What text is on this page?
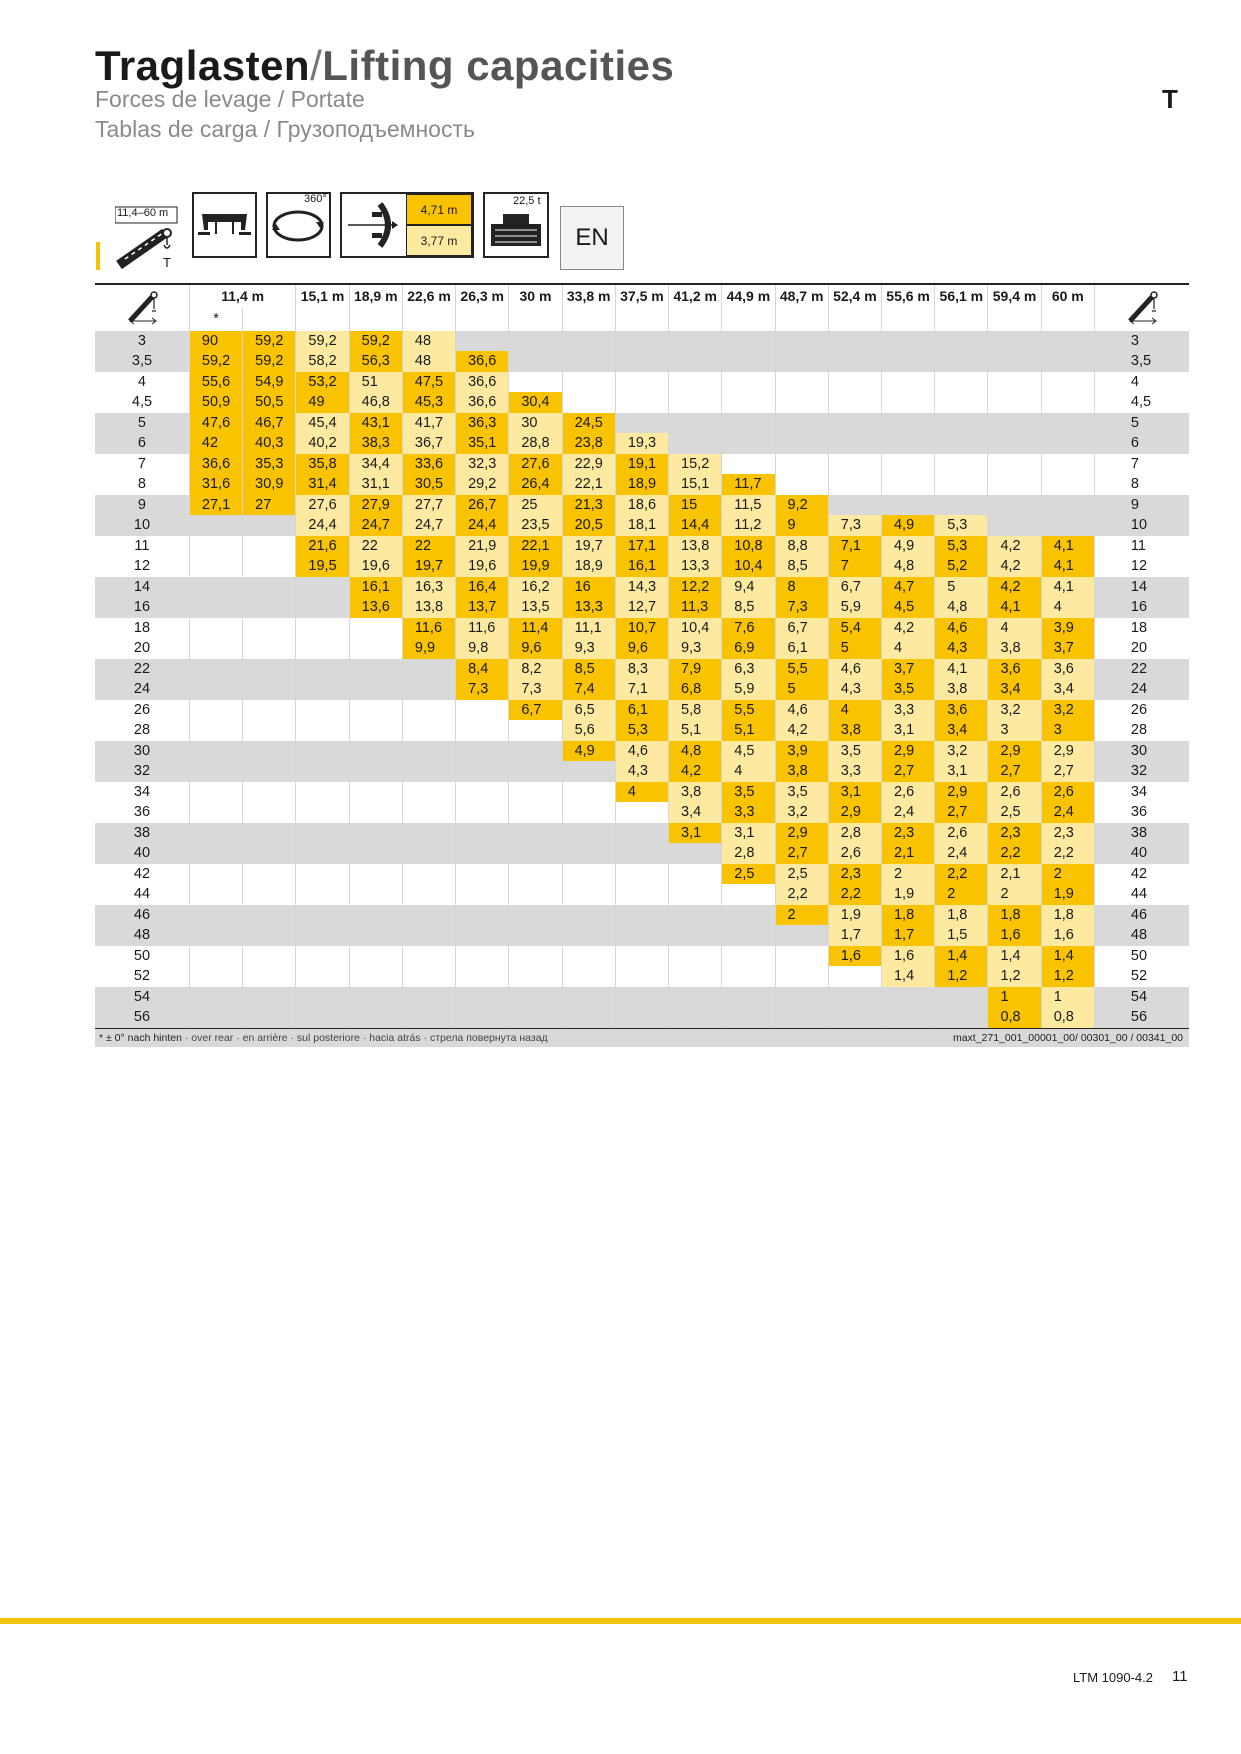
Traglasten/Lifting capacities
Forces de levage / Portate
Tablas de carga / Грузоподъемность
T
11,4–60 m
T
360°
4,71 m
3,77 m
22,5 t
EN
	11,4 m		15,1 m	18,9 m	22,6 m	26,3 m	30 m	33,8 m	37,5 m	41,2 m	44,9 m	48,7 m	52,4 m	55,6 m	56,1 m	59,4 m	60 m	
	*																	
3	90	59,2	59,2	59,2	48													3
3,5	59,2	59,2	58,2	56,3	48	36,6												3,5
4	55,6	54,9	53,2	51	47,5	36,6												4
4,5	50,9	50,5	49	46,8	45,3	36,6	30,4											4,5
5	47,6	46,7	45,4	43,1	41,7	36,3	30	24,5										5
6	42	40,3	40,2	38,3	36,7	35,1	28,8	23,8	19,3									6
7	36,6	35,3	35,8	34,4	33,6	32,3	27,6	22,9	19,1	15,2								7
8	31,6	30,9	31,4	31,1	30,5	29,2	26,4	22,1	18,9	15,1	11,7							8
9	27,1	27	27,6	27,9	27,7	26,7	25	21,3	18,6	15	11,5	9,2						9
10			24,4	24,7	24,7	24,4	23,5	20,5	18,1	14,4	11,2	9	7,3	4,9	5,3			10
11			21,6	22	22	21,9	22,1	19,7	17,1	13,8	10,8	8,8	7,1	4,9	5,3	4,2	4,1	11
12			19,5	19,6	19,7	19,6	19,9	18,9	16,1	13,3	10,4	8,5	7	4,8	5,2	4,2	4,1	12
14				16,1	16,3	16,4	16,2	16	14,3	12,2	9,4	8	6,7	4,7	5	4,2	4,1	14
16				13,6	13,8	13,7	13,5	13,3	12,7	11,3	8,5	7,3	5,9	4,5	4,8	4,1	4	16
18					11,6	11,6	11,4	11,1	10,7	10,4	7,6	6,7	5,4	4,2	4,6	4	3,9	18
20					9,9	9,8	9,6	9,3	9,6	9,3	6,9	6,1	5	4	4,3	3,8	3,7	20
22						8,4	8,2	8,5	8,3	7,9	6,3	5,5	4,6	3,7	4,1	3,6	3,6	22
24						7,3	7,3	7,4	7,1	6,8	5,9	5	4,3	3,5	3,8	3,4	3,4	24
26							6,7	6,5	6,1	5,8	5,5	4,6	4	3,3	3,6	3,2	3,2	26
28								5,6	5,3	5,1	5,1	4,2	3,8	3,1	3,4	3	3	28
30								4,9	4,6	4,8	4,5	3,9	3,5	2,9	3,2	2,9	2,9	30
32									4,3	4,2	4	3,8	3,3	2,7	3,1	2,7	2,7	32
34									4	3,8	3,5	3,5	3,1	2,6	2,9	2,6	2,6	34
36										3,4	3,3	3,2	2,9	2,4	2,7	2,5	2,4	36
38										3,1	3,1	2,9	2,8	2,3	2,6	2,3	2,3	38
40											2,8	2,7	2,6	2,1	2,4	2,2	2,2	40
42											2,5	2,5	2,3	2	2,2	2,1	2	42
44												2,2	2,2	1,9	2	2	1,9	44
46												2	1,9	1,8	1,8	1,8	1,8	46
48													1,7	1,7	1,5	1,6	1,6	48
50													1,6	1,6	1,4	1,4	1,4	50
52														1,4	1,2	1,2	1,2	52
54																1	1	54
56																0,8	0,8	56
* ± 0° nach hinten · over rear · en arrière · sul posteriore · hacia atrás · стрела повернута назад	maxt_271_001_00001_00/ 00301_00 / 00341_00
LTM 1090-4.2 11
